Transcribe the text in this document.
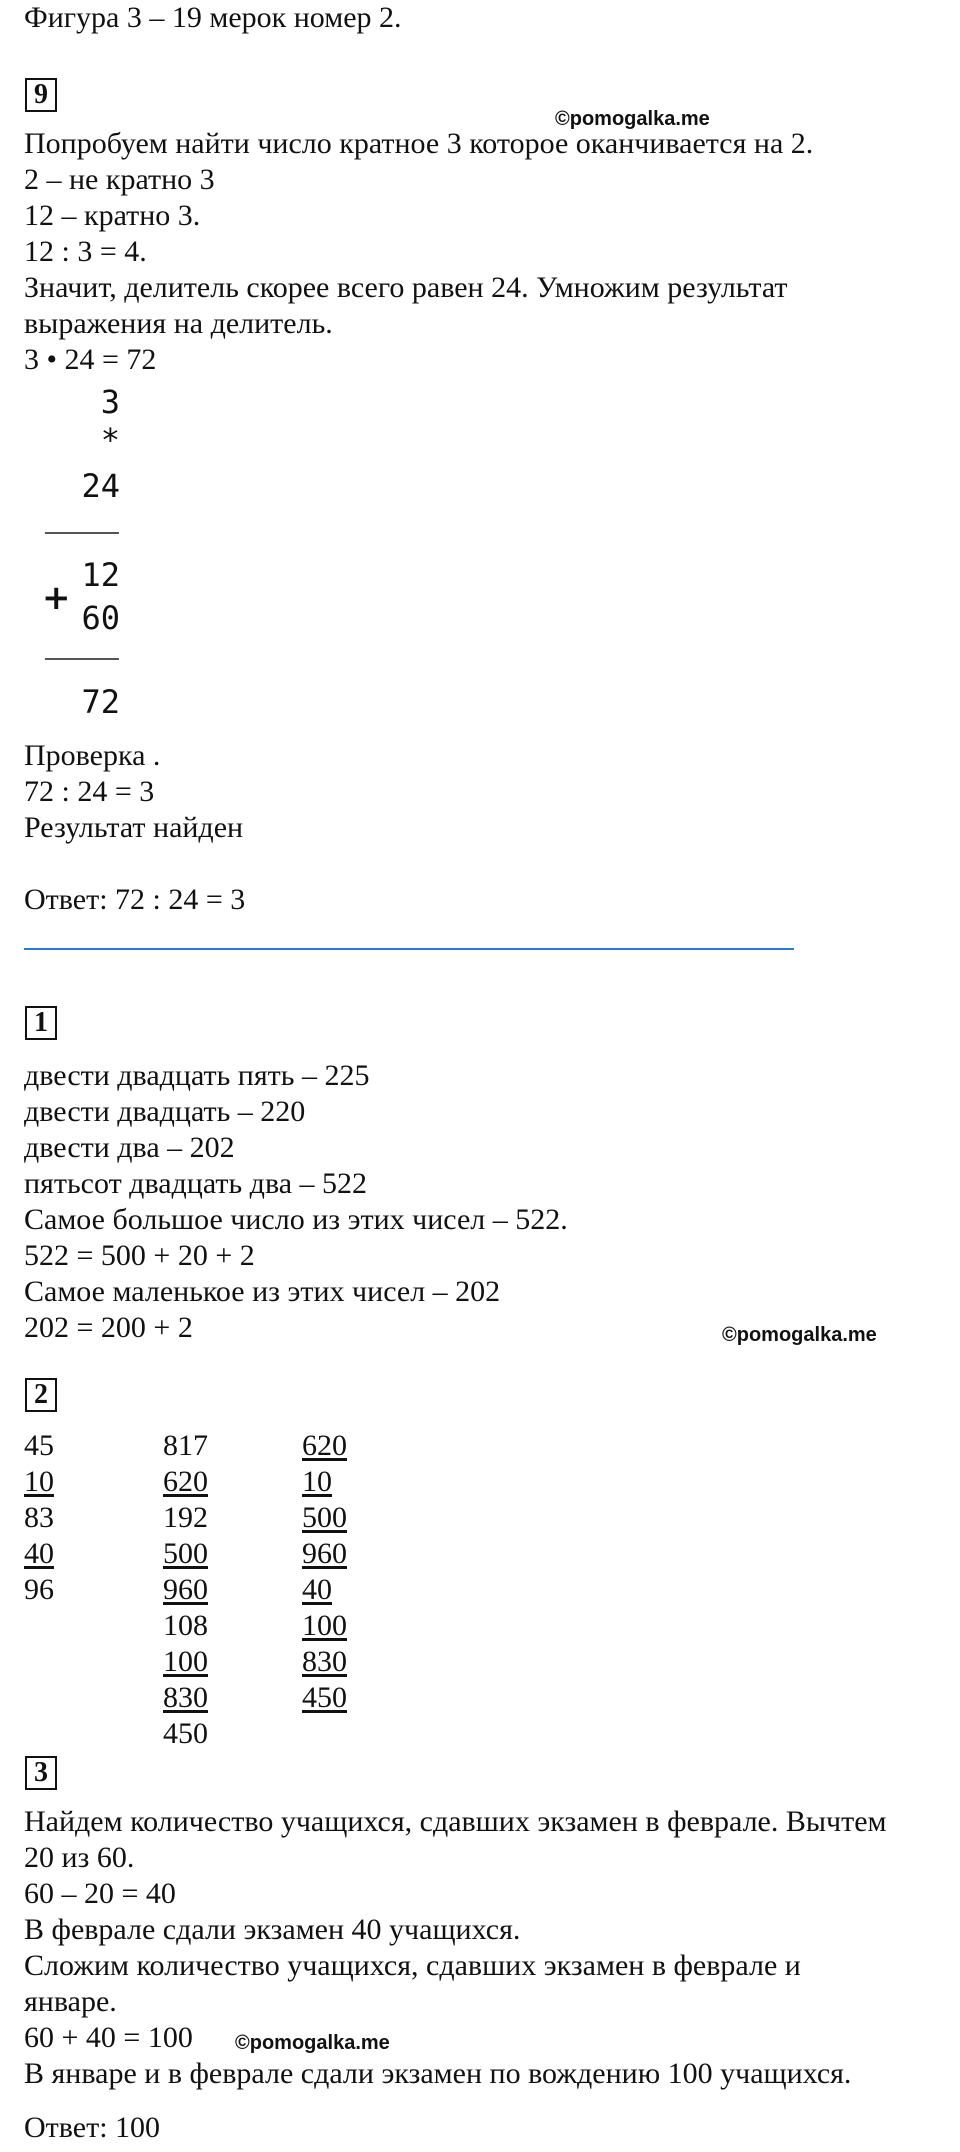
Фигура 3 – 19 мерок номер 2.
9
©pomogalka.me
Попробуем найти число кратное 3 которое оканчивается на 2.
2 – не кратно 3
12 – кратно 3.
12 : 3 = 4.
Значит, делитель скорее всего равен 24. Умножим результат
выражения на делитель.
3 • 24 = 72
3
*
24
12
+ 60
72
Проверка .
72 : 24 = 3
Результат найден
Ответ: 72 : 24 = 3
1
двести двадцать пять – 225
двести двадцать – 220
двести два – 202
пятьсот двадцать два – 522
Самое большое число из этих чисел – 522.
522 = 500 + 20 + 2
Самое маленькое из этих чисел – 202
202 = 200 + 2	©pomogalka.me
2
45
10
83
40
96
817
620
192
500
960
108
100
830
450
620
10
500
960
40
100
830
450
3
Найдем количество учащихся, сдавших экзамен в феврале. Вычтем
20 из 60.
60 – 20 = 40
В феврале сдали экзамен 40 учащихся.
Сложим количество учащихся, сдавших экзамен в феврале и
январе.
60 + 40 = 100 ©pomogalka.me
В январе и в феврале сдали экзамен по вождению 100 учащихся.
Ответ: 100
